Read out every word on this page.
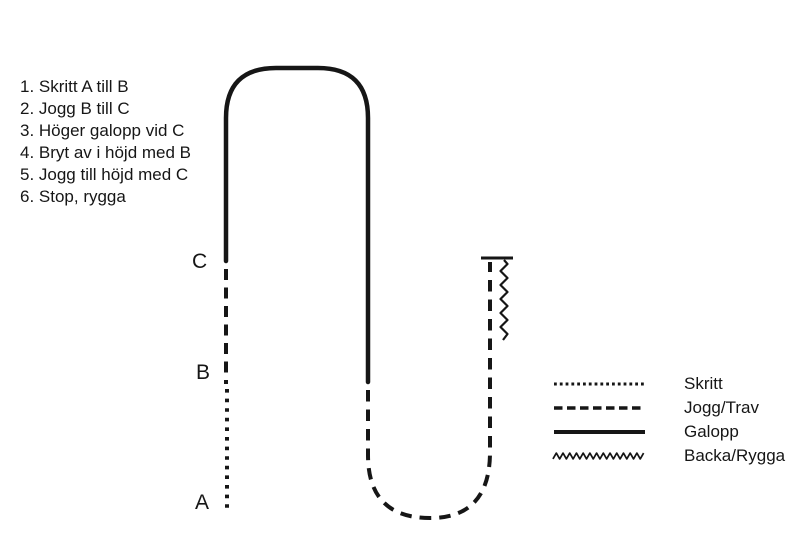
1. Skritt A till B
2. Jogg B till C
3. Höger galopp vid C
4. Bryt av i höjd med B
5. Jogg till höjd med C
6. Stop, rygga
C
B
A
Skritt
Jogg/Trav
Galopp
Backa/Rygga
